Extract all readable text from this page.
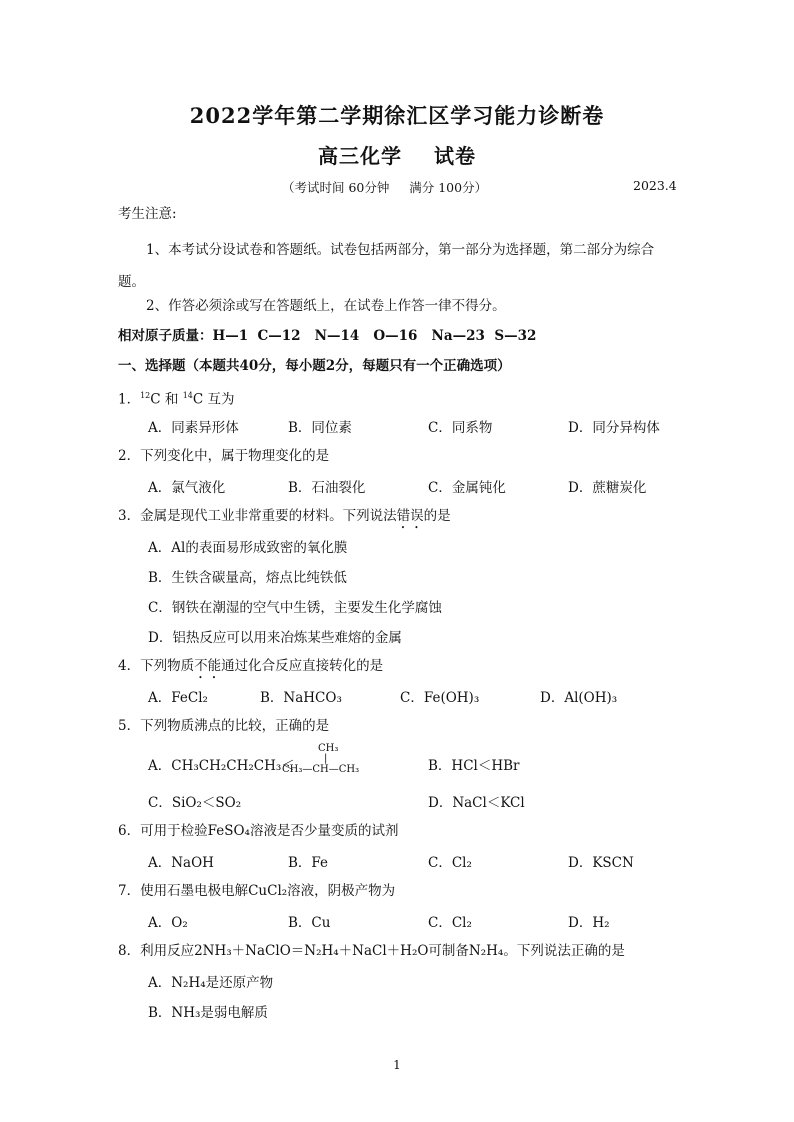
2022学年第二学期徐汇区学习能力诊断卷
高三化学 试卷
（考试时间 60分钟     满分 100分）	2023.4
考生注意:
1、本考试分设试卷和答题纸。试卷包括两部分，第一部分为选择题，第二部分为综合题。
2、作答必须涂或写在答题纸上，在试卷上作答一律不得分。
相对原子质量：H—1  C—12   N—14   O—16   Na—23  S—32
一、选择题（本题共40分，每小题2分，每题只有一个正确选项）
1．$^{12}$C 和 $^{14}$C 互为
A．同素异形体	B．同位素	C．同系物	D．同分异构体
2．下列变化中，属于物理变化的是
A．氯气液化	B．石油裂化	C．金属钝化	D．蔗糖炭化
3．金属是现代工业非常重要的材料。下列说法错误的是
A．Al的表面易形成致密的氧化膜
B．生铁含碳量高，熔点比纯铁低
C．钢铁在潮湿的空气中生锈，主要发生化学腐蚀
D．铝热反应可以用来冶炼某些难熔的金属
4．下列物质不能通过化合反应直接转化的是
A．FeCl₂	B．NaHCO₃	C．Fe(OH)₃	D．Al(OH)₃
5．下列物质沸点的比较，正确的是
A．CH₃CH₂CH₂CH₃＜
CH₃
|
CH₃—CH—CH₃	B．HCl＜HBr
C．SiO₂＜SO₂	D．NaCl＜KCl
6．可用于检验FeSO₄溶液是否少量变质的试剂
A．NaOH	B．Fe	C．Cl₂	D．KSCN
7．使用石墨电极电解CuCl₂溶液，阴极产物为
A．O₂	B．Cu	C．Cl₂	D．H₂
8．利用反应2NH₃＋NaClO＝N₂H₄＋NaCl＋H₂O可制备N₂H₄。下列说法正确的是
A．N₂H₄是还原产物
B．NH₃是弱电解质
1
